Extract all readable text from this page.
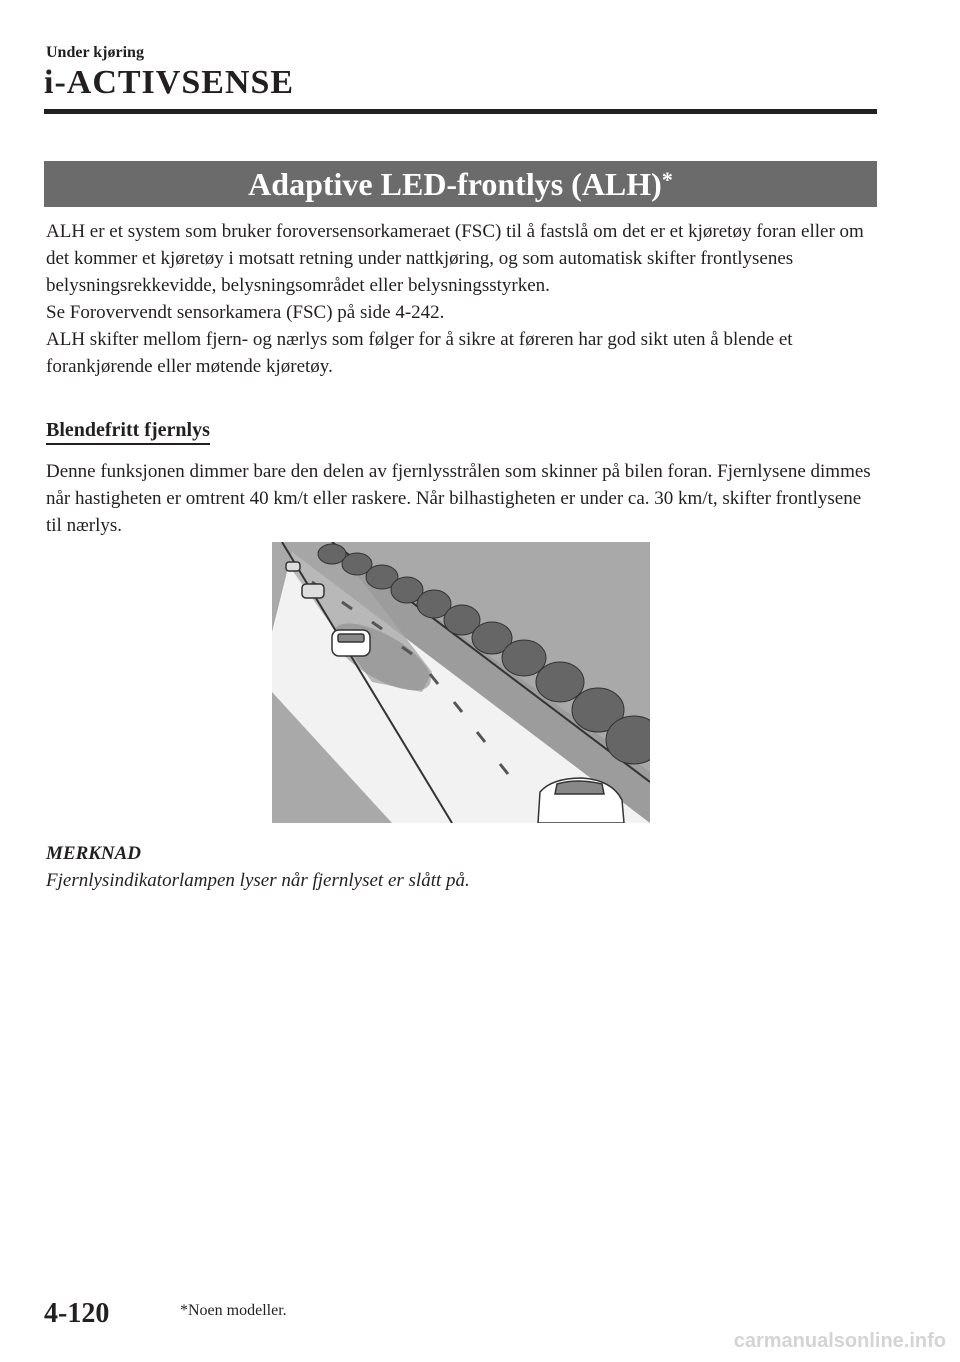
Under kjøring
i-ACTIVSENSE
Adaptive LED-frontlys (ALH)*

ALH er et system som bruker foroversensorkameraet (FSC) til å fastslå om det er et kjøretøy foran eller om det kommer et kjøretøy i motsatt retning under nattkjøring, og som automatisk skifter frontlysenes belysningsrekkevidde, belysningsområdet eller belysningsstyrken.

Se Forovervendt sensorkamera (FSC) på side 4-242.

ALH skifter mellom fjern- og nærlys som følger for å sikre at føreren har god sikt uten å blende et forankjørende eller møtende kjøretøy.

Blendefritt fjernlys

Denne funksjonen dimmer bare den delen av fjernlysstrålen som skinner på bilen foran. Fjernlysene dimmes når hastigheten er omtrent 40 km/t eller raskere. Når bilhastigheten er under ca. 30 km/t, skifter frontlysene til nærlys.

MERKNAD
Fjernlysindikatorlampen lyser når fjernlyset er slått på.
4-120	*Noen modeller.
carmanualsonline.info
